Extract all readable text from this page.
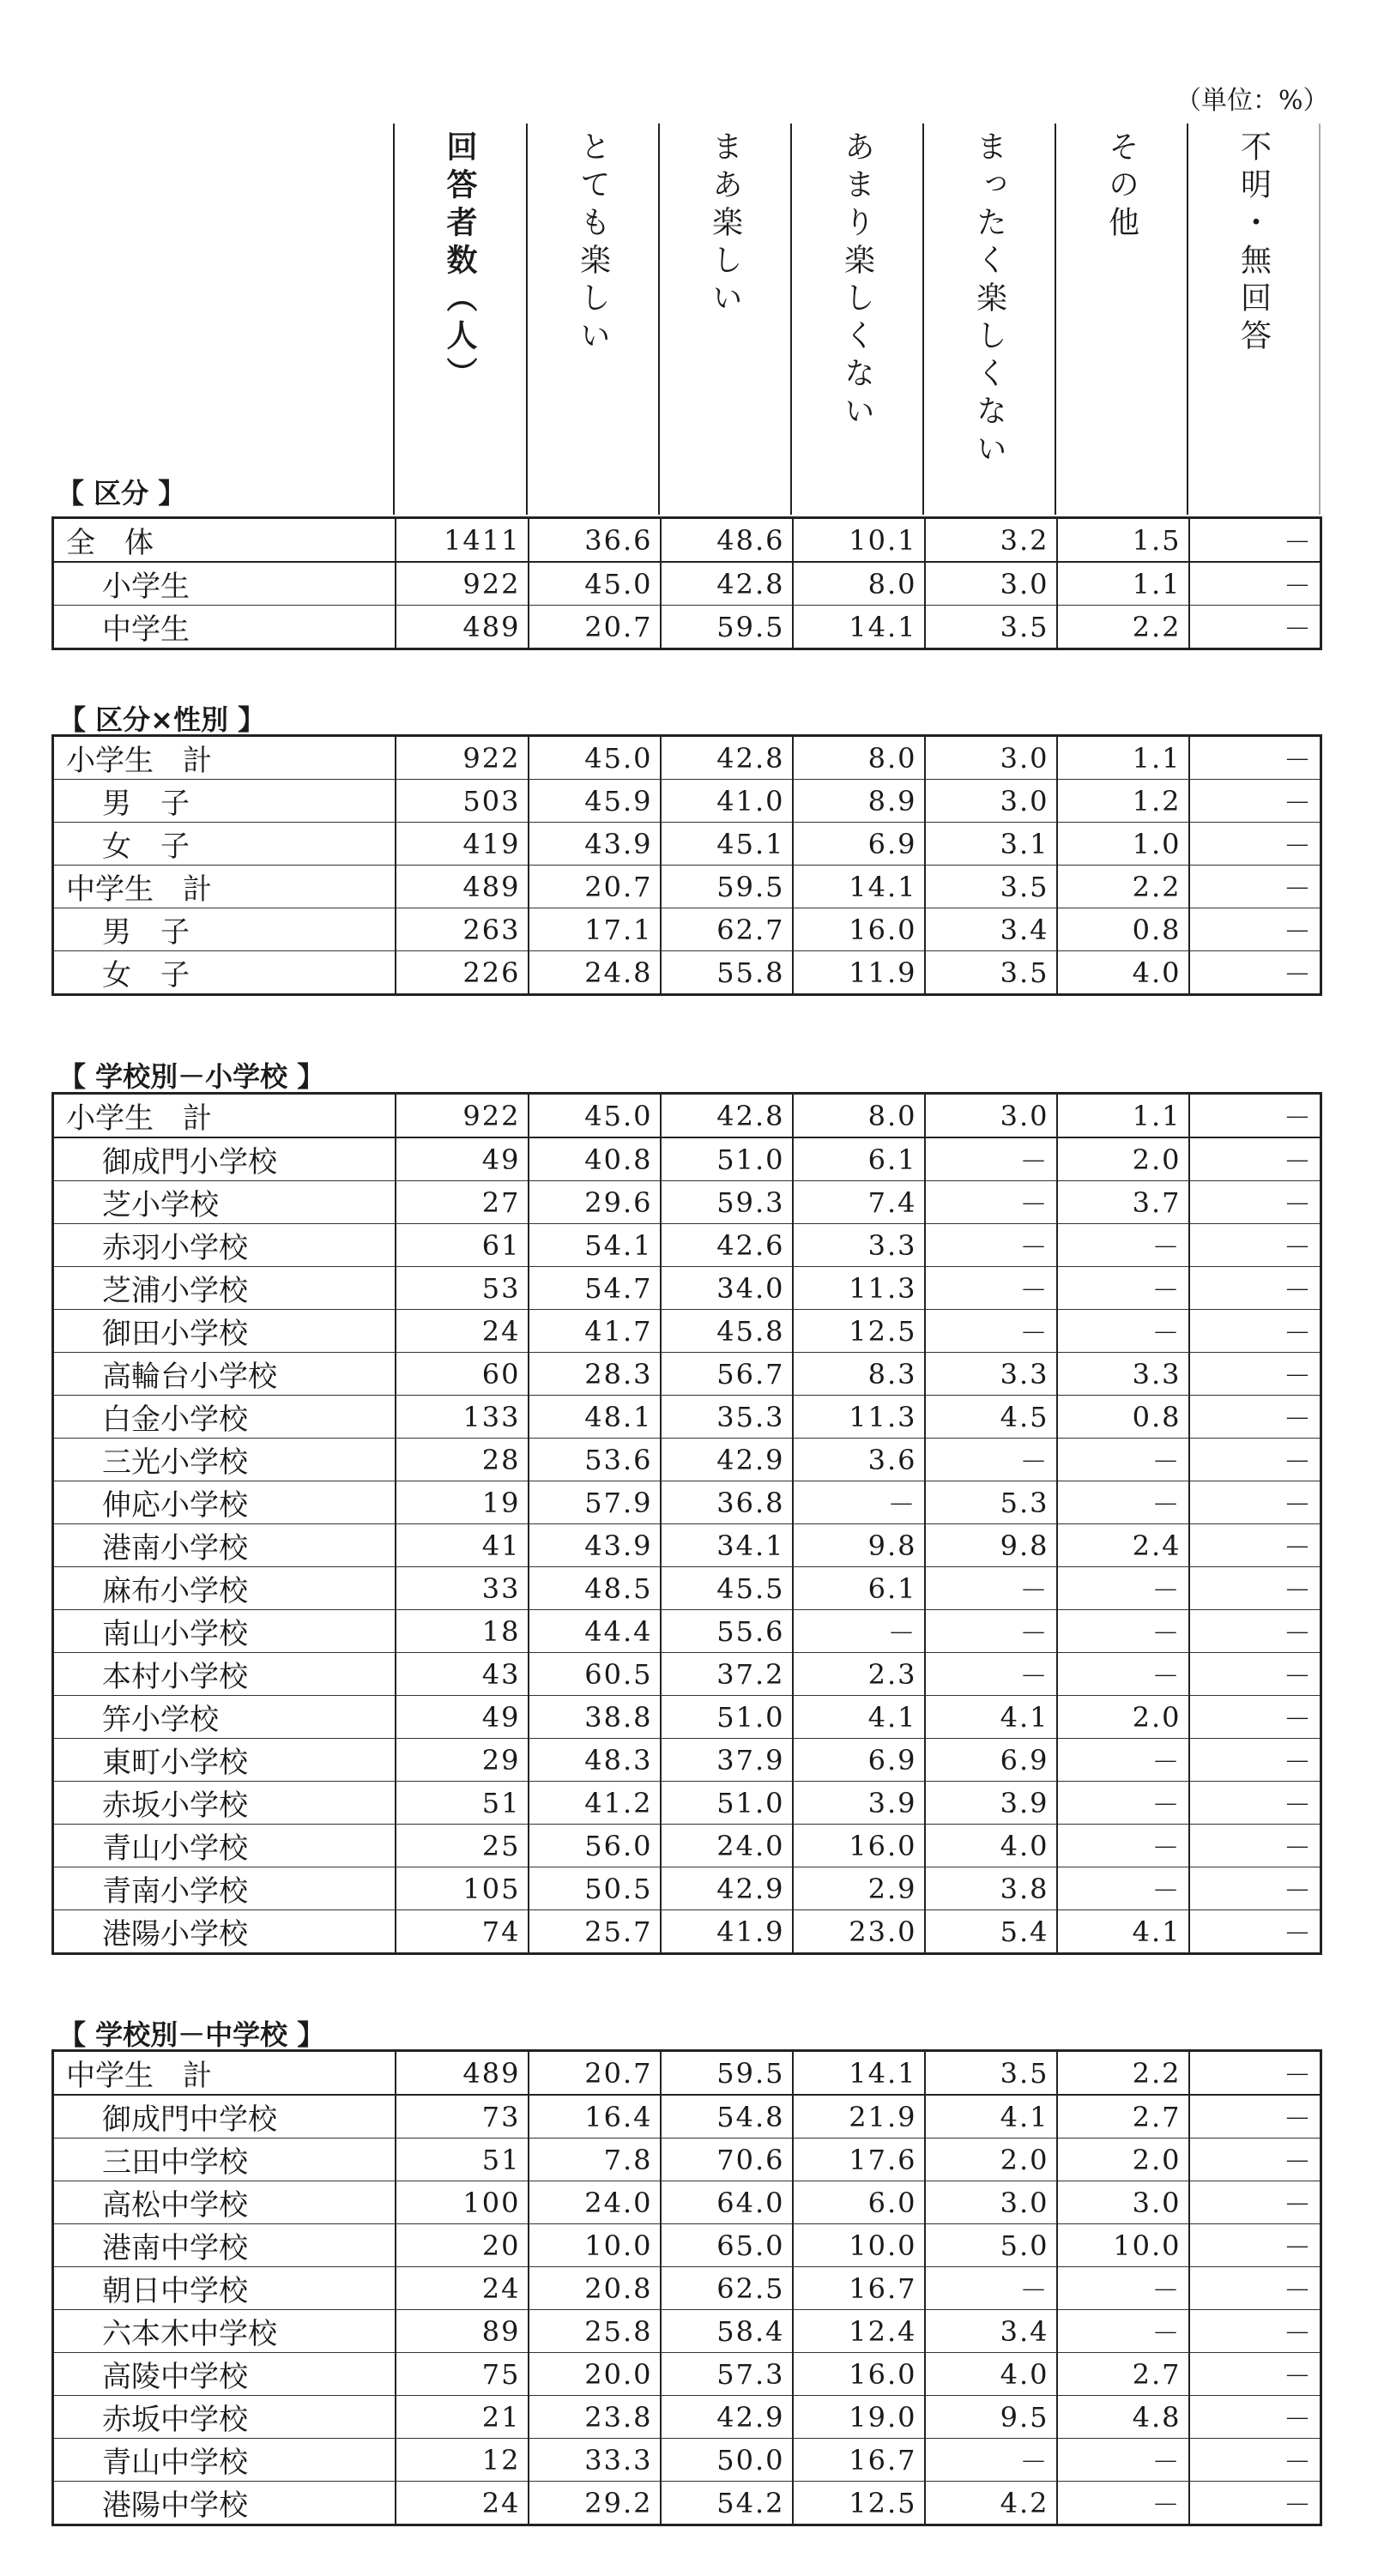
（単位：%）
【 区分 】

回答者数（人）	とても楽しい	まあ楽しい	あまり楽しくない	まったく楽しくない	その他	不明・無回答
全　体	1411	36.6	48.6	10.1	3.2	1.5	－
小学生	922	45.0	42.8	8.0	3.0	1.1	－
中学生	489	20.7	59.5	14.1	3.5	2.2	－
【 区分×性別 】
小学生　計	922	45.0	42.8	8.0	3.0	1.1	－
男　子	503	45.9	41.0	8.9	3.0	1.2	－
女　子	419	43.9	45.1	6.9	3.1	1.0	－
中学生　計	489	20.7	59.5	14.1	3.5	2.2	－
男　子	263	17.1	62.7	16.0	3.4	0.8	－
女　子	226	24.8	55.8	11.9	3.5	4.0	－
【 学校別－小学校 】
小学生　計	922	45.0	42.8	8.0	3.0	1.1	－
御成門小学校	49	40.8	51.0	6.1	－	2.0	－
芝小学校	27	29.6	59.3	7.4	－	3.7	－
赤羽小学校	61	54.1	42.6	3.3	－	－	－
芝浦小学校	53	54.7	34.0	11.3	－	－	－
御田小学校	24	41.7	45.8	12.5	－	－	－
高輪台小学校	60	28.3	56.7	8.3	3.3	3.3	－
白金小学校	133	48.1	35.3	11.3	4.5	0.8	－
三光小学校	28	53.6	42.9	3.6	－	－	－
伸応小学校	19	57.9	36.8	－	5.3	－	－
港南小学校	41	43.9	34.1	9.8	9.8	2.4	－
麻布小学校	33	48.5	45.5	6.1	－	－	－
南山小学校	18	44.4	55.6	－	－	－	－
本村小学校	43	60.5	37.2	2.3	－	－	－
笄小学校	49	38.8	51.0	4.1	4.1	2.0	－
東町小学校	29	48.3	37.9	6.9	6.9	－	－
赤坂小学校	51	41.2	51.0	3.9	3.9	－	－
青山小学校	25	56.0	24.0	16.0	4.0	－	－
青南小学校	105	50.5	42.9	2.9	3.8	－	－
港陽小学校	74	25.7	41.9	23.0	5.4	4.1	－
【 学校別－中学校 】
中学生　計	489	20.7	59.5	14.1	3.5	2.2	－
御成門中学校	73	16.4	54.8	21.9	4.1	2.7	－
三田中学校	51	7.8	70.6	17.6	2.0	2.0	－
高松中学校	100	24.0	64.0	6.0	3.0	3.0	－
港南中学校	20	10.0	65.0	10.0	5.0	10.0	－
朝日中学校	24	20.8	62.5	16.7	－	－	－
六本木中学校	89	25.8	58.4	12.4	3.4	－	－
高陵中学校	75	20.0	57.3	16.0	4.0	2.7	－
赤坂中学校	21	23.8	42.9	19.0	9.5	4.8	－
青山中学校	12	33.3	50.0	16.7	－	－	－
港陽中学校	24	29.2	54.2	12.5	4.2	－	－
